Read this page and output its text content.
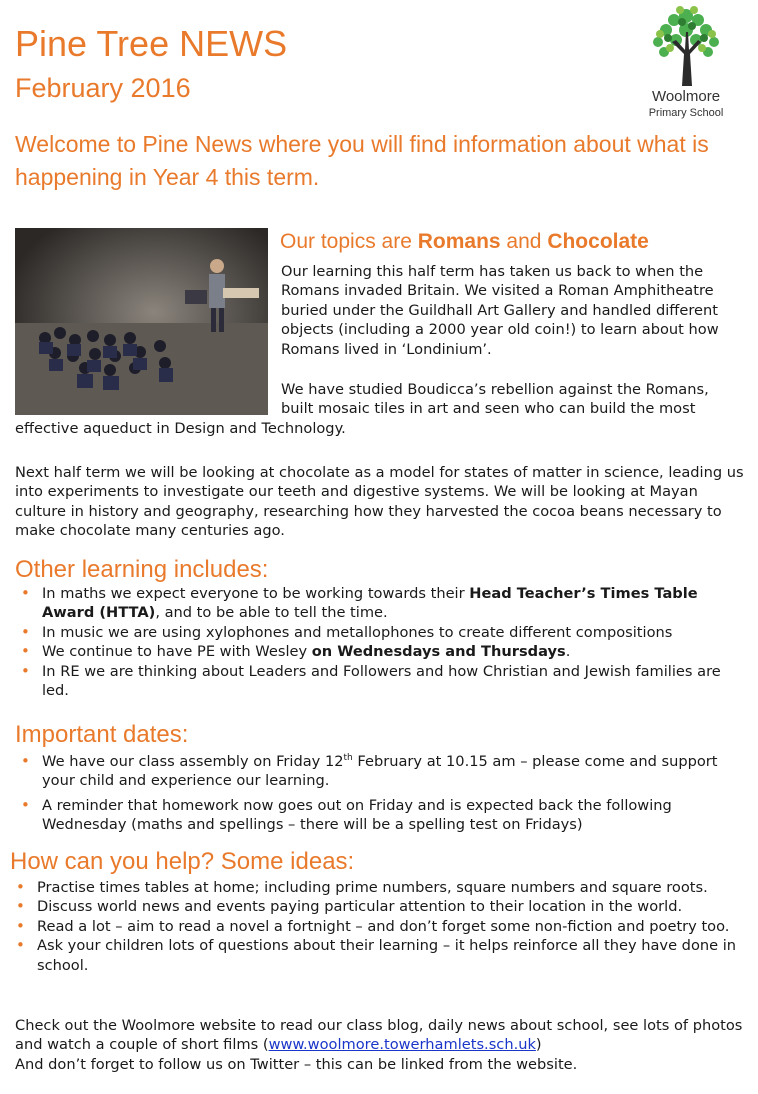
Pine Tree NEWS
February 2016	Woolmore
Primary School
Welcome to Pine News where you will find information about what is happening in Year 4 this term.
Our topics are Romans and Chocolate
Our learning this half term has taken us back to when the Romans invaded Britain. We visited a Roman Amphitheatre buried under the Guildhall Art Gallery and handled different objects (including a 2000 year old coin!) to learn about how Romans lived in ‘Londinium’.
We have studied Boudicca’s rebellion against the Romans, built mosaic tiles in art and seen who can build the most
effective aqueduct in Design and Technology.
Next half term we will be looking at chocolate as a model for states of matter in science, leading us into experiments to investigate our teeth and digestive systems. We will be looking at Mayan culture in history and geography, researching how they harvested the cocoa beans necessary to make chocolate many centuries ago.
Other learning includes:
• In maths we expect everyone to be working towards their Head Teacher’s Times Table Award (HTTA), and to be able to tell the time.
• In music we are using xylophones and metallophones to create different compositions
• We continue to have PE with Wesley on Wednesdays and Thursdays.
• In RE we are thinking about Leaders and Followers and how Christian and Jewish families are led.
Important dates:
• We have our class assembly on Friday 12th February at 10.15 am – please come and support your child and experience our learning.
• A reminder that homework now goes out on Friday and is expected back the following Wednesday (maths and spellings – there will be a spelling test on Fridays)
How can you help? Some ideas:
• Practise times tables at home; including prime numbers, square numbers and square roots.
• Discuss world news and events paying particular attention to their location in the world.
• Read a lot – aim to read a novel a fortnight – and don’t forget some non-fiction and poetry too.
• Ask your children lots of questions about their learning – it helps reinforce all they have done in school.
Check out the Woolmore website to read our class blog, daily news about school, see lots of photos and watch a couple of short films (www.woolmore.towerhamlets.sch.uk)
And don’t forget to follow us on Twitter – this can be linked from the website.
